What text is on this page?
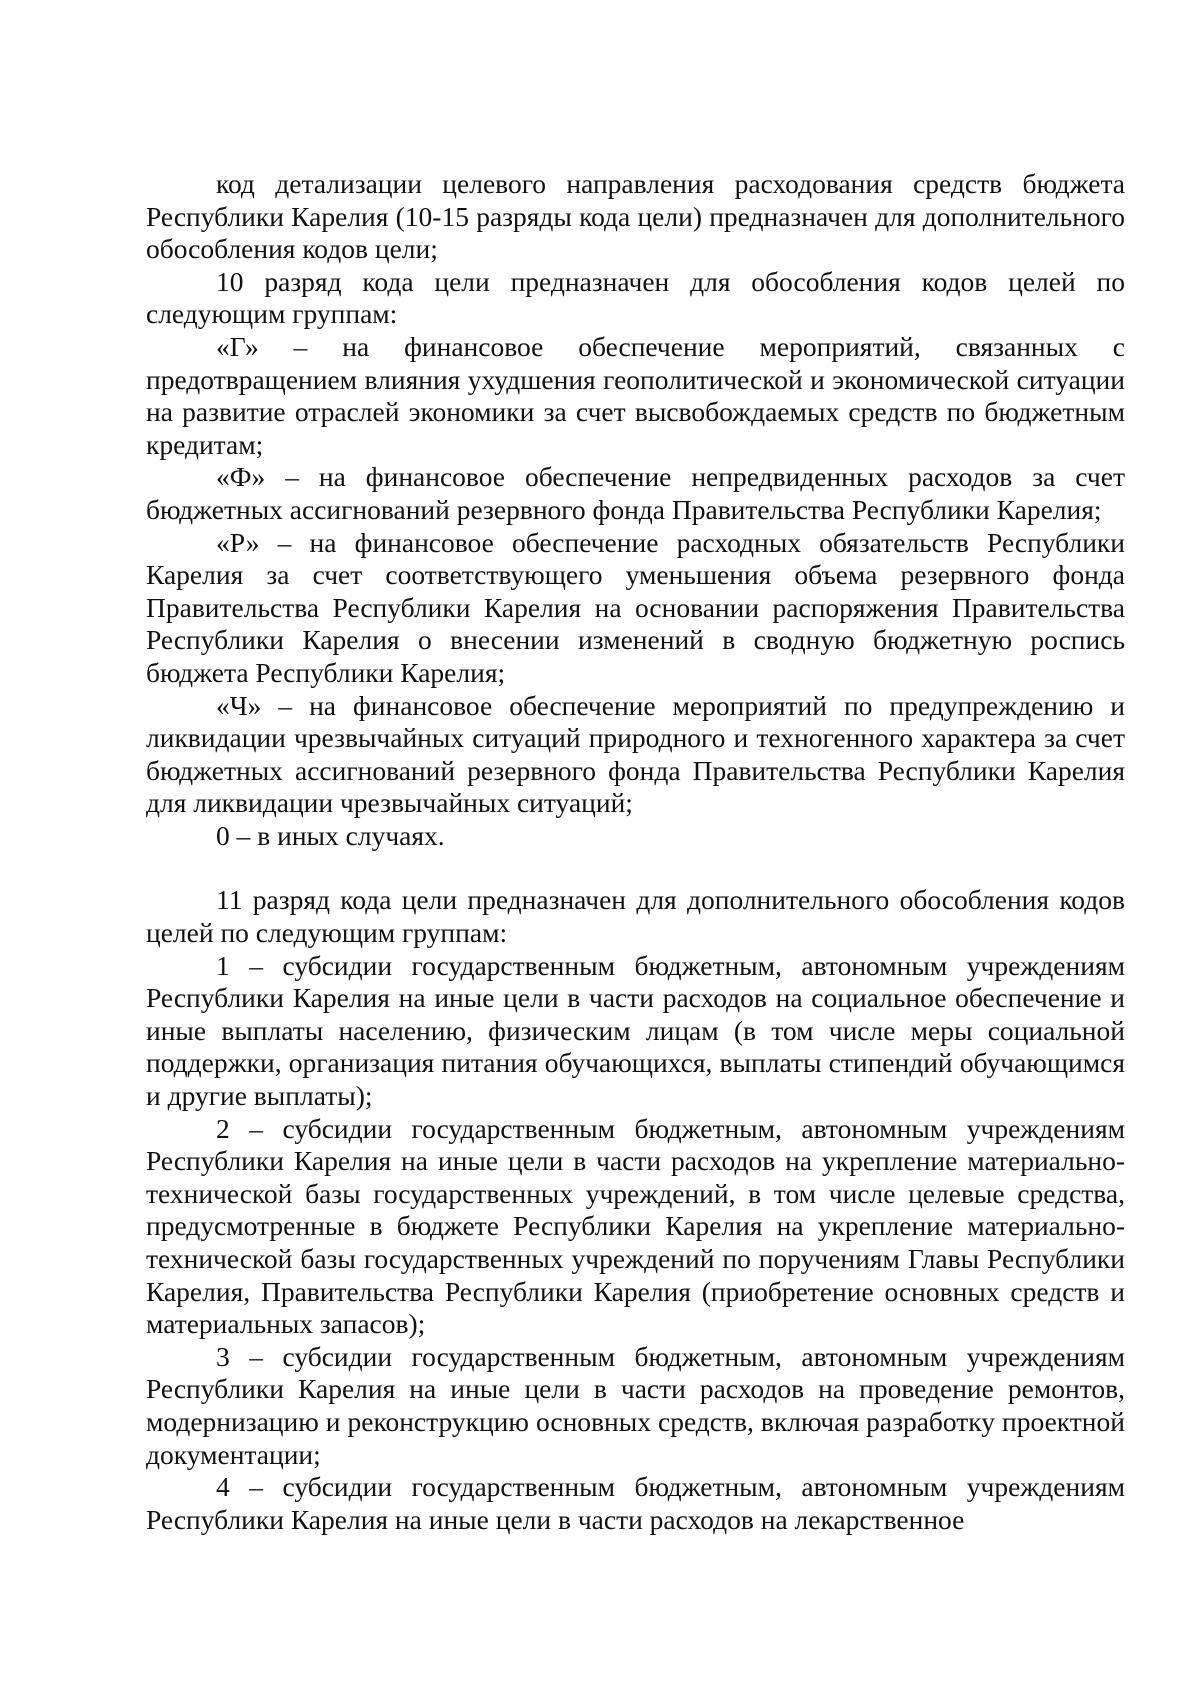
код детализации целевого направления расходования средств бюджета Республики Карелия (10-15 разряды кода цели) предназначен для дополнительного обособления кодов цели;

10 разряд кода цели предназначен для обособления кодов целей по следующим группам:

«Г» – на финансовое обеспечение мероприятий, связанных с предотвращением влияния ухудшения геополитической и экономической ситуации на развитие отраслей экономики за счет высвобождаемых средств по бюджетным кредитам;

«Ф» – на финансовое обеспечение непредвиденных расходов за счет бюджетных ассигнований резервного фонда Правительства Республики Карелия;

«Р» – на финансовое обеспечение расходных обязательств Республики Карелия за счет соответствующего уменьшения объема резервного фонда Правительства Республики Карелия на основании распоряжения Правительства Республики Карелия о внесении изменений в сводную бюджетную роспись бюджета Республики Карелия;

«Ч» – на финансовое обеспечение мероприятий по предупреждению и ликвидации чрезвычайных ситуаций природного и техногенного характера за счет бюджетных ассигнований резервного фонда Правительства Республики Карелия для ликвидации чрезвычайных ситуаций;

0 – в иных случаях.

11 разряд кода цели предназначен для дополнительного обособления кодов целей по следующим группам:

1 – субсидии государственным бюджетным, автономным учреждениям Республики Карелия на иные цели в части расходов на социальное обеспечение и иные выплаты населению, физическим лицам (в том числе меры социальной поддержки, организация питания обучающихся, выплаты стипендий обучающимся и другие выплаты);

2 – субсидии государственным бюджетным, автономным учреждениям Республики Карелия на иные цели в части расходов на укрепление материально-технической базы государственных учреждений, в том числе целевые средства, предусмотренные в бюджете Республики Карелия на укрепление материально-технической базы государственных учреждений по поручениям Главы Республики Карелия, Правительства Республики Карелия (приобретение основных средств и материальных запасов);

3 – субсидии государственным бюджетным, автономным учреждениям Республики Карелия на иные цели в части расходов на проведение ремонтов, модернизацию и реконструкцию основных средств, включая разработку проектной документации;

4 – субсидии государственным бюджетным, автономным учреждениям Республики Карелия на иные цели в части расходов на лекарственное
